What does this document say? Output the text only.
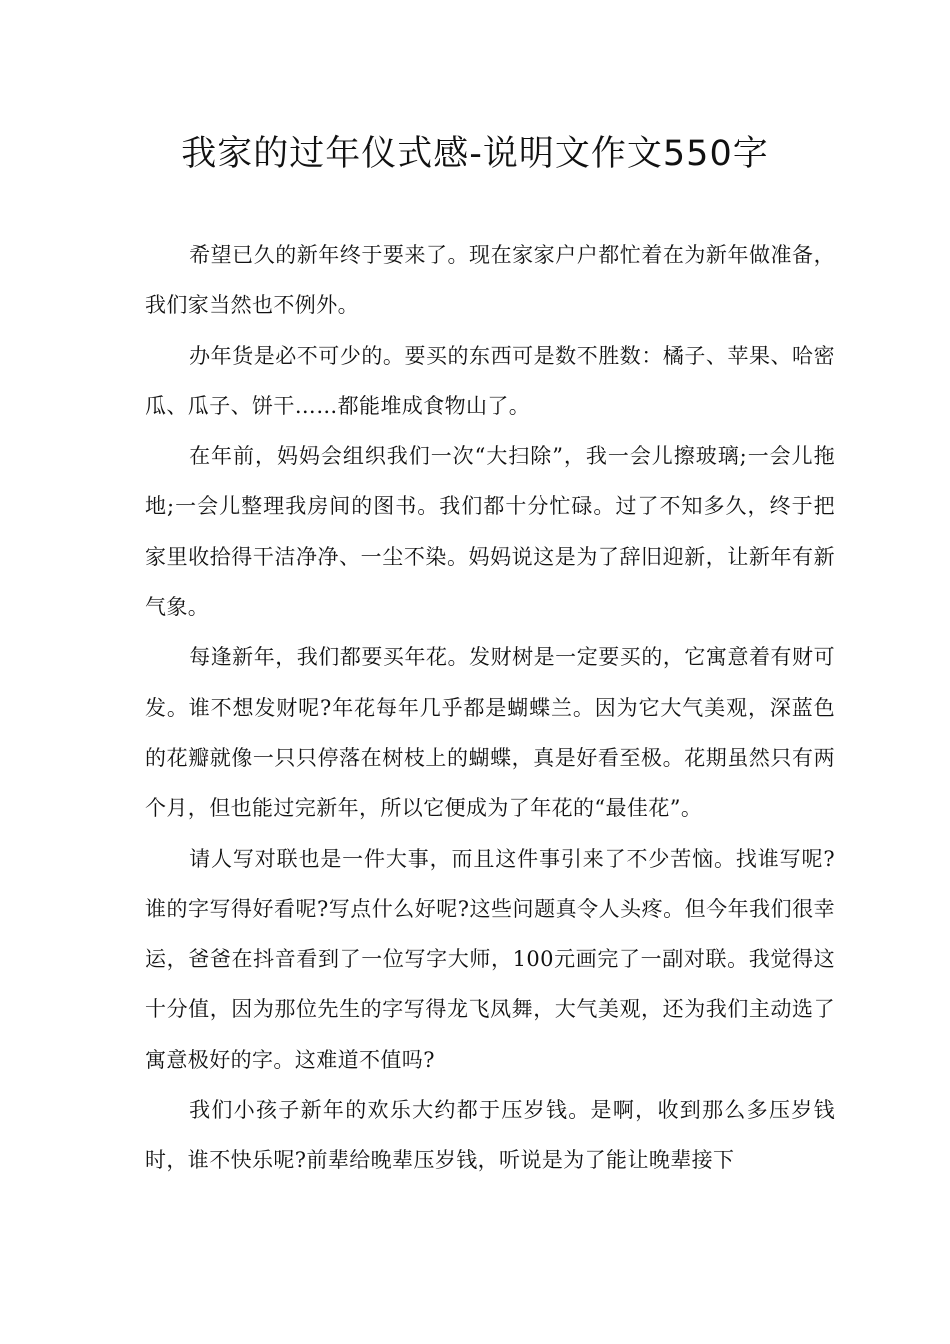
我家的过年仪式感-说明文作文550字

希望已久的新年终于要来了。现在家家户户都忙着在为新年做准备，我们家当然也不例外。

办年货是必不可少的。要买的东西可是数不胜数：橘子、苹果、哈密瓜、瓜子、饼干……都能堆成食物山了。

在年前，妈妈会组织我们一次“大扫除”，我一会儿擦玻璃;一会儿拖地;一会儿整理我房间的图书。我们都十分忙碌。过了不知多久，终于把家里收拾得干洁净净、一尘不染。妈妈说这是为了辞旧迎新，让新年有新气象。

每逢新年，我们都要买年花。发财树是一定要买的，它寓意着有财可发。谁不想发财呢?年花每年几乎都是蝴蝶兰。因为它大气美观，深蓝色的花瓣就像一只只停落在树枝上的蝴蝶，真是好看至极。花期虽然只有两个月，但也能过完新年，所以它便成为了年花的“最佳花”。

请人写对联也是一件大事，而且这件事引来了不少苦恼。找谁写呢?谁的字写得好看呢?写点什么好呢?这些问题真令人头疼。但今年我们很幸运，爸爸在抖音看到了一位写字大师，100元画完了一副对联。我觉得这十分值，因为那位先生的字写得龙飞凤舞，大气美观，还为我们主动选了寓意极好的字。这难道不值吗?

我们小孩子新年的欢乐大约都于压岁钱。是啊，收到那么多压岁钱时，谁不快乐呢?前辈给晚辈压岁钱，听说是为了能让晚辈接下
